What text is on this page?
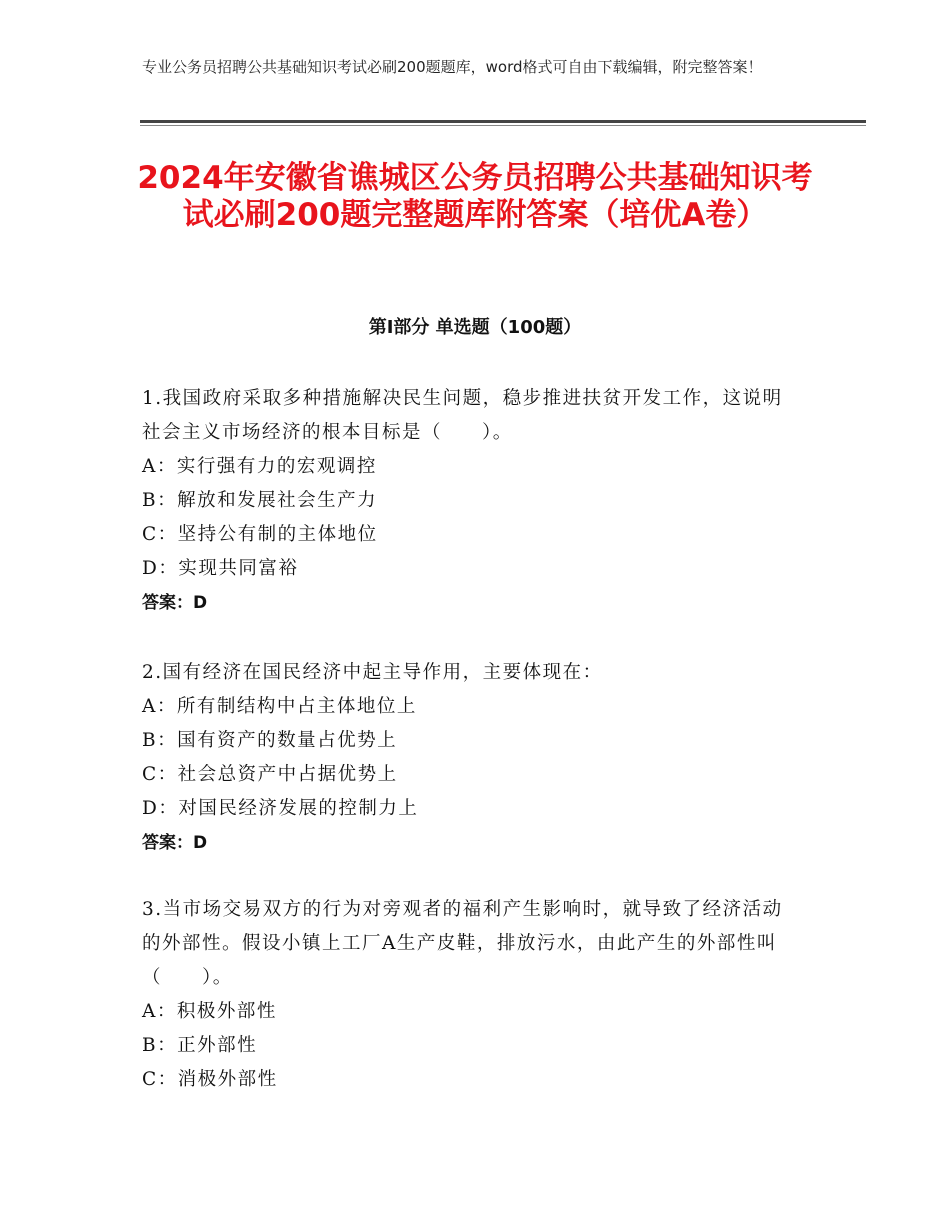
专业公务员招聘公共基础知识考试必刷200题题库，word格式可自由下载编辑，附完整答案！
2024年安徽省谯城区公务员招聘公共基础知识考试必刷200题完整题库附答案（培优A卷）
第Ⅰ部分 单选题（100题）

1.我国政府采取多种措施解决民生问题，稳步推进扶贫开发工作，这说明社会主义市场经济的根本目标是（　　）。

A：实行强有力的宏观调控

B：解放和发展社会生产力

C：坚持公有制的主体地位

D：实现共同富裕

答案：D

2.国有经济在国民经济中起主导作用，主要体现在：

A：所有制结构中占主体地位上

B：国有资产的数量占优势上

C：社会总资产中占据优势上

D：对国民经济发展的控制力上

答案：D

3.当市场交易双方的行为对旁观者的福利产生影响时，就导致了经济活动的外部性。假设小镇上工厂A生产皮鞋，排放污水，由此产生的外部性叫（　　）。

A：积极外部性

B：正外部性

C：消极外部性
